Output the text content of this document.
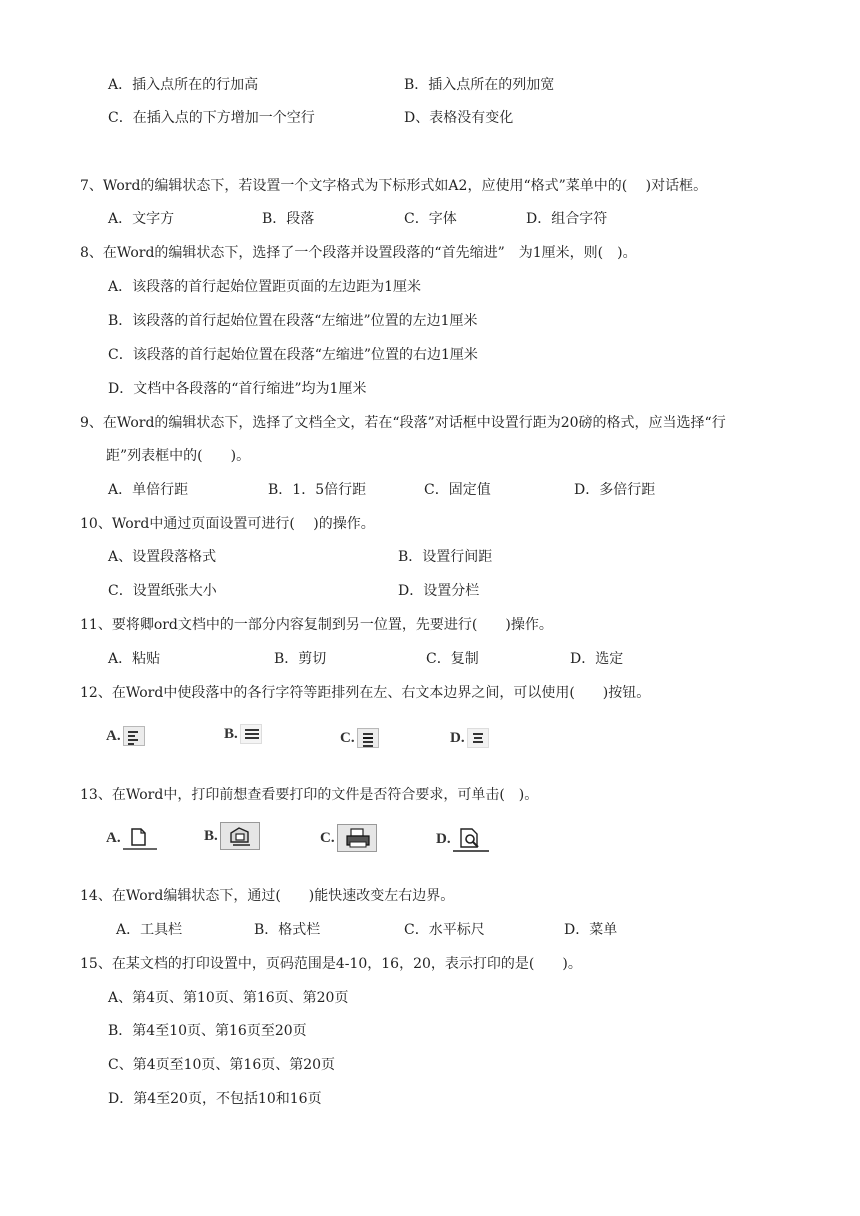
A．插入点所在的行加高	B．插入点所在的列加宽
C．在插入点的下方增加一个空行	D、表格没有变化
7、Word的编辑状态下，若设置一个文字格式为下标形式如A2，应使用“格式”菜单中的(　 )对话框。
A．文字方	B．段落	C．字体	D．组合字符
8、在Word的编辑状态下，选择了一个段落并设置段落的“首先缩进”　为1厘米，则(　)。
A．该段落的首行起始位置距页面的左边距为1厘米
B．该段落的首行起始位置在段落“左缩进”位置的左边1厘米
C．该段落的首行起始位置在段落“左缩进”位置的右边1厘米
D．文档中各段落的“首行缩进”均为1厘米
9、在Word的编辑状态下，选择了文档全文，若在“段落”对话框中设置行距为20磅的格式，应当选择“行
距”列表框中的(　　)。
A．单倍行距	B．1．5倍行距	C．固定值	D．多倍行距
10、Word中通过页面设置可进行(　 )的操作。
A、设置段落格式	B．设置行间距
C．设置纸张大小	D．设置分栏
11、要将卿ord文档中的一部分内容复制到另一位置，先要进行(　　)操作。
A．粘贴	B．剪切	C．复制	D．选定
12、在Word中使段落中的各行字符等距排列在左、右文本边界之间，可以使用(　　)按钮。
A.	B.	C.	D.
13、在Word中，打印前想查看要打印的文件是否符合要求，可单击(　)。
A.	B.	C.	D.
14、在Word编辑状态下，通过(　　)能快速改变左右边界。
A．工具栏	B．格式栏	C．水平标尺	D．菜单
15、在某文档的打印设置中，页码范围是4-10，16，20，表示打印的是(　　)。
A、第4页、第10页、第16页、第20页
B．第4至10页、第16页至20页
C、第4页至10页、第16页、第20页
D．第4至20页，不包括10和16页
